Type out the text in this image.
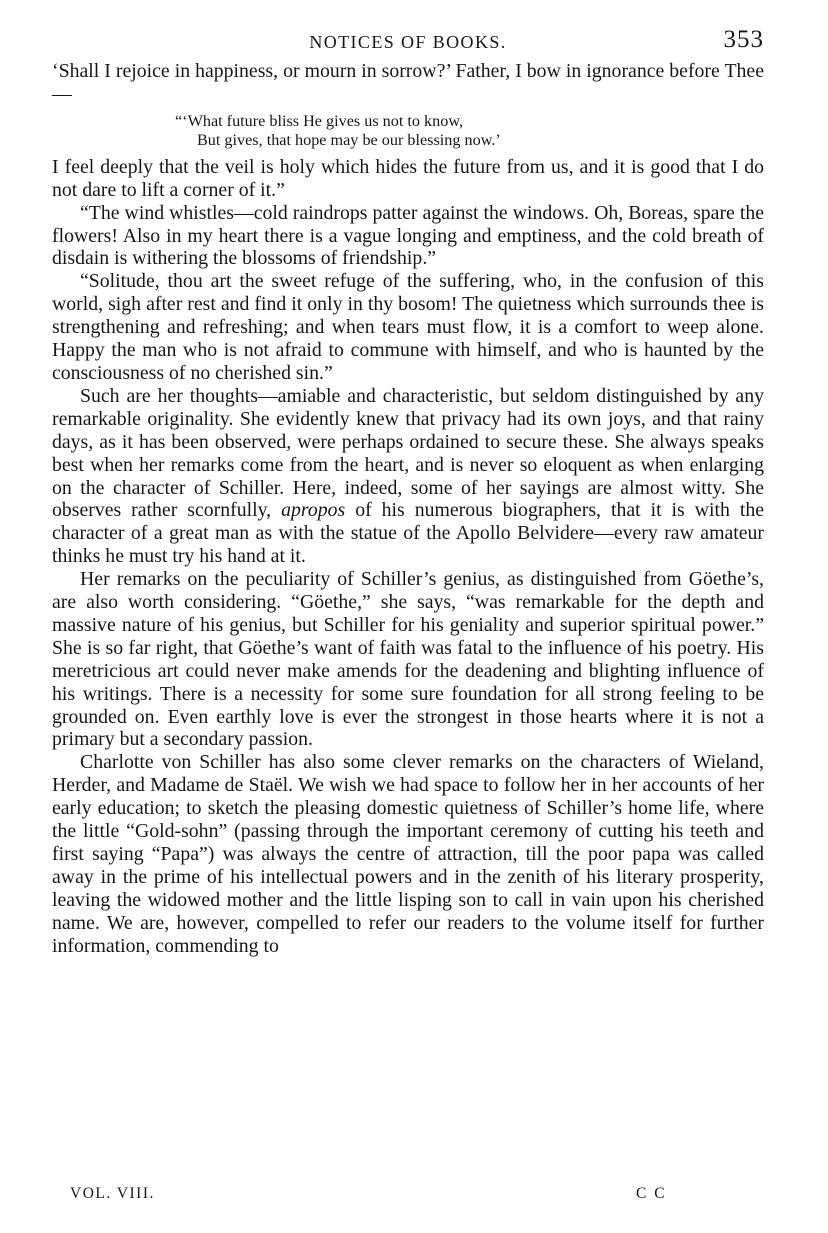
NOTICES OF BOOKS.	353

‘Shall I rejoice in happiness, or mourn in sorrow?’ Father, I bow in ignorance before Thee—

“‘What future bliss He gives us not to know,
But gives, that hope may be our blessing now.’

I feel deeply that the veil is holy which hides the future from us, and it is good that I do not dare to lift a corner of it.”

“The wind whistles—cold raindrops patter against the windows. Oh, Boreas, spare the flowers! Also in my heart there is a vague longing and emptiness, and the cold breath of disdain is withering the blossoms of friendship.”

“Solitude, thou art the sweet refuge of the suffering, who, in the confusion of this world, sigh after rest and find it only in thy bosom! The quietness which surrounds thee is strengthening and refreshing; and when tears must flow, it is a comfort to weep alone. Happy the man who is not afraid to commune with himself, and who is haunted by the consciousness of no cherished sin.”

Such are her thoughts—amiable and characteristic, but seldom distinguished by any remarkable originality. She evidently knew that privacy had its own joys, and that rainy days, as it has been observed, were perhaps ordained to secure these. She always speaks best when her remarks come from the heart, and is never so eloquent as when enlarging on the character of Schiller. Here, indeed, some of her sayings are almost witty. She observes rather scornfully, apropos of his numerous biographers, that it is with the character of a great man as with the statue of the Apollo Belvidere—every raw amateur thinks he must try his hand at it.

Her remarks on the peculiarity of Schiller’s genius, as distinguished from Göethe’s, are also worth considering. “Göethe,” she says, “was remarkable for the depth and massive nature of his genius, but Schiller for his geniality and superior spiritual power.” She is so far right, that Göethe’s want of faith was fatal to the influence of his poetry. His meretricious art could never make amends for the deadening and blighting influence of his writings. There is a necessity for some sure foundation for all strong feeling to be grounded on. Even earthly love is ever the strongest in those hearts where it is not a primary but a secondary passion.

Charlotte von Schiller has also some clever remarks on the characters of Wieland, Herder, and Madame de Staël. We wish we had space to follow her in her accounts of her early education; to sketch the pleasing domestic quietness of Schiller’s home life, where the little “Gold-sohn” (passing through the important ceremony of cutting his teeth and first saying “Papa”) was always the centre of attraction, till the poor papa was called away in the prime of his intellectual powers and in the zenith of his literary prosperity, leaving the widowed mother and the little lisping son to call in vain upon his cherished name. We are, however, compelled to refer our readers to the volume itself for further information, commending to

VOL. VIII.	C C
